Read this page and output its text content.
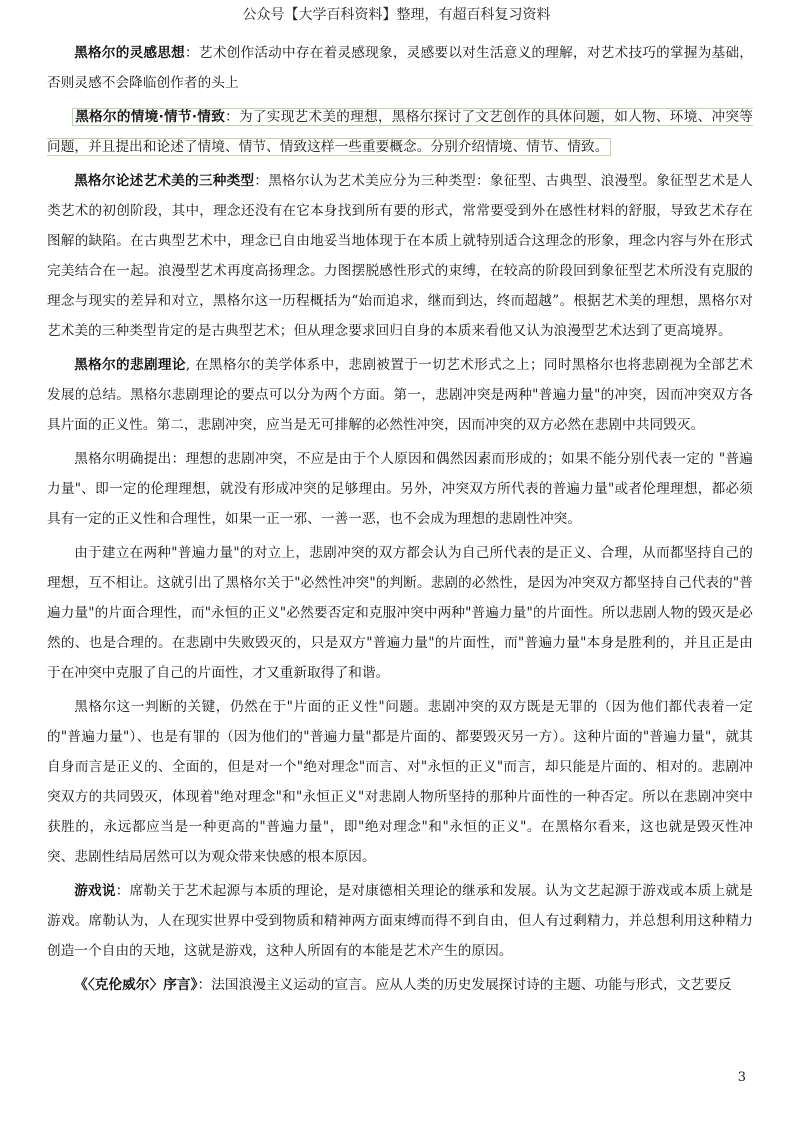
公众号【大学百科资料】整理，有超百科复习资料

黑格尔的灵感思想：艺术创作活动中存在着灵感现象，灵感要以对生活意义的理解，对艺术技巧的掌握为基础，否则灵感不会降临创作者的头上

黑格尔的情境·情节·情致：为了实现艺术美的理想，黑格尔探讨了文艺创作的具体问题，如人物、环境、冲突等问题，并且提出和论述了情境、情节、情致这样一些重要概念。分别介绍情境、情节、情致。

黑格尔论述艺术美的三种类型：黑格尔认为艺术美应分为三种类型：象征型、古典型、浪漫型。象征型艺术是人类艺术的初创阶段，其中，理念还没有在它本身找到所有要的形式，常常要受到外在感性材料的舒服，导致艺术存在图解的缺陷。在古典型艺术中，理念已自由地妥当地体现于在本质上就特别适合这理念的形象，理念内容与外在形式完美结合在一起。浪漫型艺术再度高扬理念。力图摆脱感性形式的束缚，在较高的阶段回到象征型艺术所没有克服的理念与现实的差异和对立，黑格尔这一历程概括为“始而追求，继而到达，终而超越”。根据艺术美的理想，黑格尔对艺术美的三种类型肯定的是古典型艺术；但从理念要求回归自身的本质来看他又认为浪漫型艺术达到了更高境界。

黑格尔的悲剧理论, 在黑格尔的美学体系中，悲剧被置于一切艺术形式之上；同时黑格尔也将悲剧视为全部艺术发展的总结。黑格尔悲剧理论的要点可以分为两个方面。第一，悲剧冲突是两种"普遍力量"的冲突，因而冲突双方各具片面的正义性。第二，悲剧冲突，应当是无可排解的必然性冲突，因而冲突的双方必然在悲剧中共同毁灭。

黑格尔明确提出：理想的悲剧冲突，不应是由于个人原因和偶然因素而形成的；如果不能分别代表一定的 "普遍力量"、即一定的伦理理想，就没有形成冲突的足够理由。另外，冲突双方所代表的普遍力量"或者伦理理想，都必须具有一定的正义性和合理性，如果一正一邪、一善一恶，也不会成为理想的悲剧性冲突。

由于建立在两种"普遍力量"的对立上，悲剧冲突的双方都会认为自己所代表的是正义、合理，从而都坚持自己的理想，互不相让。这就引出了黑格尔关于"必然性冲突"的判断。悲剧的必然性，是因为冲突双方都坚持自己代表的"普遍力量"的片面合理性，而"永恒的正义"必然要否定和克服冲突中两种"普遍力量"的片面性。所以悲剧人物的毁灭是必然的、也是合理的。在悲剧中失败毁灭的，只是双方"普遍力量"的片面性，而"普遍力量"本身是胜利的，并且正是由于在冲突中克服了自己的片面性，才又重新取得了和谐。

黑格尔这一判断的关键，仍然在于"片面的正义性"问题。悲剧冲突的双方既是无罪的（因为他们都代表着一定的"普遍力量"）、也是有罪的（因为他们的"普遍力量"都是片面的、都要毁灭另一方）。这种片面的"普遍力量"，就其自身而言是正义的、全面的，但是对一个"绝对理念"而言、对"永恒的正义"而言，却只能是片面的、相对的。悲剧冲突双方的共同毁灭，体现着"绝对理念"和"永恒正义"对悲剧人物所坚持的那种片面性的一种否定。所以在悲剧冲突中获胜的，永远都应当是一种更高的"普遍力量"，即"绝对理念"和"永恒的正义"。在黑格尔看来，这也就是毁灭性冲突、悲剧性结局居然可以为观众带来快感的根本原因。

游戏说：席勒关于艺术起源与本质的理论，是对康德相关理论的继承和发展。认为文艺起源于游戏或本质上就是游戏。席勒认为，人在现实世界中受到物质和精神两方面束缚而得不到自由，但人有过剩精力，并总想利用这种精力创造一个自由的天地，这就是游戏，这种人所固有的本能是艺术产生的原因。

《〈克伦威尔〉序言》：法国浪漫主义运动的宣言。应从人类的历史发展探讨诗的主题、功能与形式，文艺要反

3
